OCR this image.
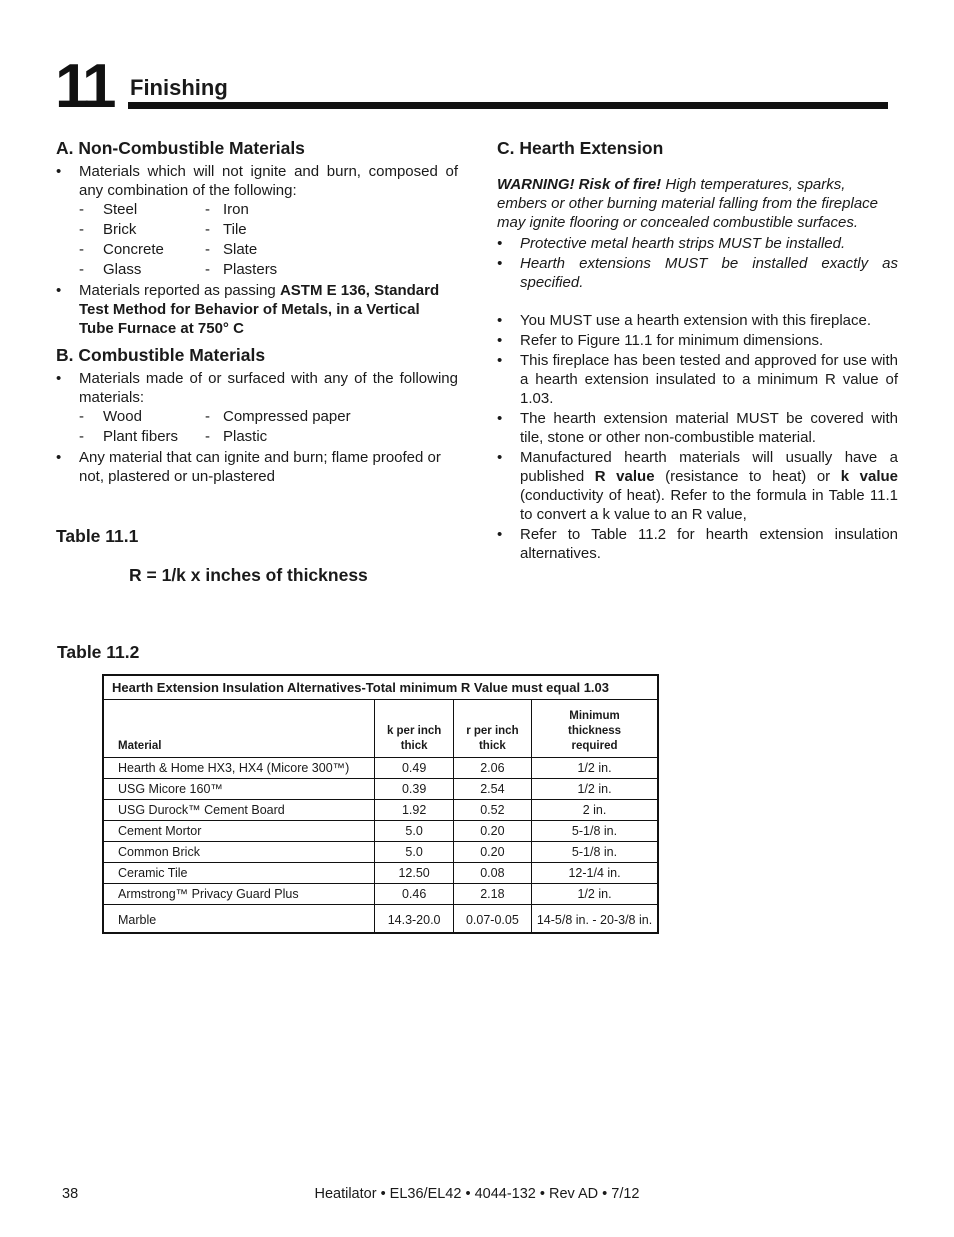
11 Finishing

A. Non-Combustible Materials

• Materials which will not ignite and burn, composed of any combination of the following:
-	Steel	- Iron
-	Brick	- Tile
-	Concrete	- Slate
-	Glass	- Plasters
• Materials reported as passing ASTM E 136, Standard Test Method for Behavior of Metals, in a Vertical Tube Furnace at 750° C

B. Combustible Materials

• Materials made of or surfaced with any of the following materials:
-	Wood	- Compressed paper
-	Plant fibers	- Plastic
• Any material that can ignite and burn; flame proofed or not, plastered or un-plastered
Table 11.1
R = 1/k x inches of thickness

C. Hearth Extension

WARNING! Risk of fire! High temperatures, sparks, embers or other burning material falling from the fireplace may ignite flooring or concealed combustible surfaces.

• Protective metal hearth strips MUST be installed.
• Hearth extensions MUST be installed exactly as specified.
• You MUST use a hearth extension with this fireplace.
• Refer to Figure 11.1 for minimum dimensions.
• This fireplace has been tested and approved for use with a hearth extension insulated to a minimum R value of 1.03.
• The hearth extension material MUST be covered with tile, stone or other non-combustible material.
• Manufactured hearth materials will usually have a published R value (resistance to heat) or k value (conductivity of heat). Refer to the formula in Table 11.1 to convert a k value to an R value,
• Refer to Table 11.2 for hearth extension insulation alternatives.
Table 11.2
Hearth Extension Insulation Alternatives-Total minimum R Value must equal 1.03			
Material	k per inch thick	r per inch thick	Minimum thickness required
Hearth & Home HX3, HX4 (Micore 300™)	0.49	2.06	1/2 in.
USG Micore 160™	0.39	2.54	1/2 in.
USG Durock™ Cement Board	1.92	0.52	2 in.
Cement Mortor	5.0	0.20	5-1/8 in.
Common Brick	5.0	0.20	5-1/8 in.
Ceramic Tile	12.50	0.08	12-1/4 in.
Armstrong™ Privacy Guard Plus	0.46	2.18	1/2 in.
Marble	14.3-20.0	0.07-0.05	14-5/8 in. - 20-3/8 in.
Heatilator • EL36/EL42 • 4044-132 • Rev AD • 7/12
38
